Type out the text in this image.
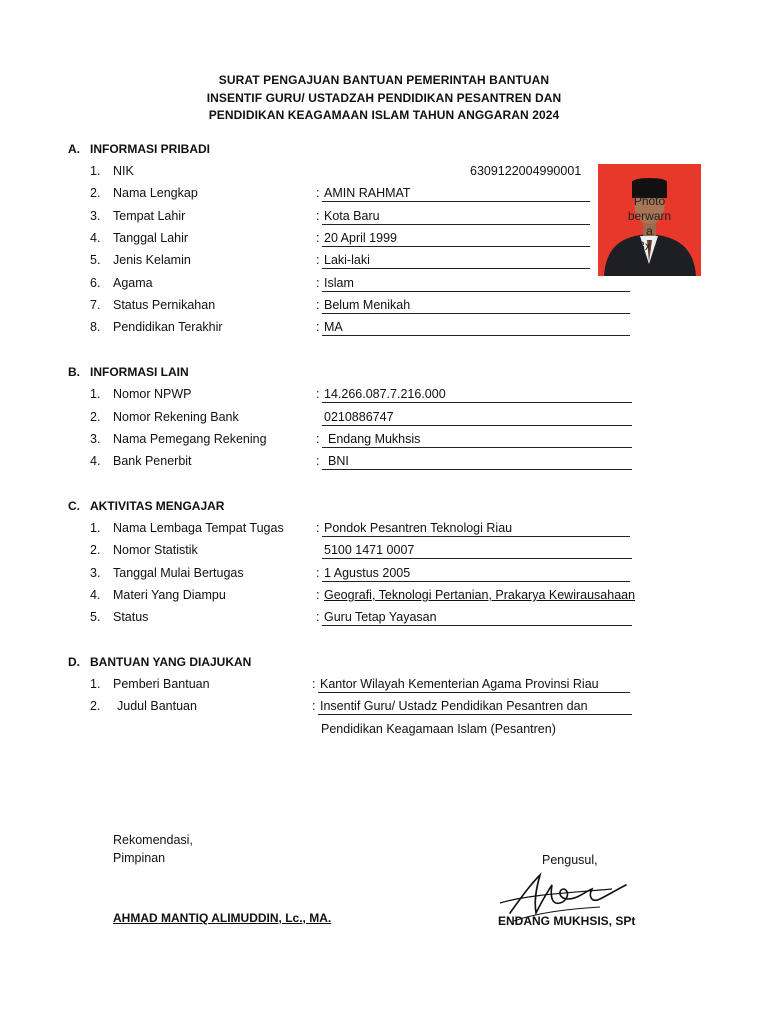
SURAT PENGAJUAN BANTUAN PEMERINTAH BANTUAN
INSENTIF GURU/ USTADZAH PENDIDIKAN PESANTREN DAN
PENDIDIKAN KEAGAMAAN ISLAM TAHUN ANGGARAN 2024
A. INFORMASI PRIBADI
1. NIK	6309122004990001
2. Nama Lengkap	: AMIN RAHMAT
3. Tempat Lahir	: Kota Baru
4. Tanggal Lahir	: 20 April 1999
5. Jenis Kelamin	: Laki-laki
6. Agama	: Islam
7. Status Pernikahan	: Belum Menikah
8. Pendidikan Terakhir	: MA
Photo
berwarn
a
3x 4
B. INFORMASI LAIN
1. Nomor NPWP	: 14.266.087.7.216.000
2. Nomor Rekening Bank	0210886747
3. Nama Pemegang Rekening	: Endang Mukhsis
4. Bank Penerbit	: BNI
C. AKTIVITAS MENGAJAR
1. Nama Lembaga Tempat Tugas	: Pondok Pesantren Teknologi Riau
2. Nomor Statistik	5100 1471 0007
3. Tanggal Mulai Bertugas	: 1 Agustus 2005
4. Materi Yang Diampu	: Geografi, Teknologi Pertanian, Prakarya Kewirausahaan
5. Status	: Guru Tetap Yayasan
D. BANTUAN YANG DIAJUKAN
1. Pemberi Bantuan	: Kantor Wilayah Kementerian Agama Provinsi Riau
2. Judul Bantuan	: Insentif Guru/ Ustadz Pendidikan Pesantren dan
Pendidikan Keagamaan Islam (Pesantren)
Rekomendasi,
Pimpinan
AHMAD MANTIQ ALIMUDDIN, Lc., MA.
Pengusul,
ENDANG MUKHSIS, SPt
